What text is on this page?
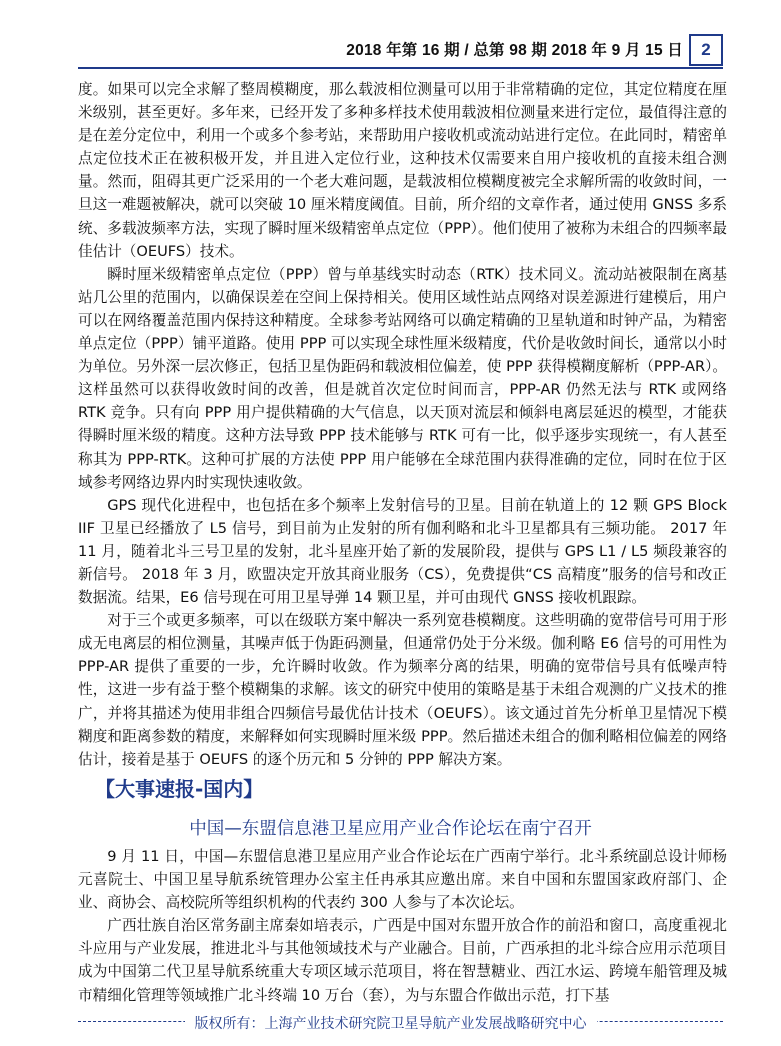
2018 年第 16 期 / 总第 98 期 2018 年 9 月 15 日	2

度。如果可以完全求解了整周模糊度，那么载波相位测量可以用于非常精确的定位，其定位精度在厘米级别，甚至更好。多年来，已经开发了多种多样技术使用载波相位测量来进行定位，最值得注意的是在差分定位中，利用一个或多个参考站，来帮助用户接收机或流动站进行定位。在此同时，精密单点定位技术正在被积极开发，并且进入定位行业，这种技术仅需要来自用户接收机的直接未组合测量。然而，阻碍其更广泛采用的一个老大难问题，是载波相位模糊度被完全求解所需的收敛时间，一旦这一难题被解决，就可以突破 10 厘米精度阈值。目前，所介绍的文章作者，通过使用 GNSS 多系统、多载波频率方法，实现了瞬时厘米级精密单点定位（PPP）。他们使用了被称为未组合的四频率最佳估计（OEUFS）技术。

瞬时厘米级精密单点定位（PPP）曾与单基线实时动态（RTK）技术同义。流动站被限制在离基站几公里的范围内，以确保误差在空间上保持相关。使用区域性站点网络对误差源进行建模后，用户可以在网络覆盖范围内保持这种精度。全球参考站网络可以确定精确的卫星轨道和时钟产品，为精密单点定位（PPP）铺平道路。使用 PPP 可以实现全球性厘米级精度，代价是收敛时间长，通常以小时为单位。另外深一层次修正，包括卫星伪距码和载波相位偏差，使 PPP 获得模糊度解析（PPP-AR）。这样虽然可以获得收敛时间的改善，但是就首次定位时间而言，PPP-AR 仍然无法与 RTK 或网络 RTK 竞争。只有向 PPP 用户提供精确的大气信息，以天顶对流层和倾斜电离层延迟的模型，才能获得瞬时厘米级的精度。这种方法导致 PPP 技术能够与 RTK 可有一比，似乎逐步实现统一，有人甚至称其为 PPP-RTK。这种可扩展的方法使 PPP 用户能够在全球范围内获得准确的定位，同时在位于区域参考网络边界内时实现快速收敛。

GPS 现代化进程中，也包括在多个频率上发射信号的卫星。目前在轨道上的 12 颗 GPS Block IIF 卫星已经播放了 L5 信号，到目前为止发射的所有伽利略和北斗卫星都具有三频功能。 2017 年 11 月，随着北斗三号卫星的发射，北斗星座开始了新的发展阶段，提供与 GPS L1 / L5 频段兼容的新信号。 2018 年 3 月，欧盟决定开放其商业服务（CS），免费提供“CS 高精度”服务的信号和改正数据流。结果，E6 信号现在可用卫星导弹 14 颗卫星，并可由现代 GNSS 接收机跟踪。

对于三个或更多频率，可以在级联方案中解决一系列宽巷模糊度。这些明确的宽带信号可用于形成无电离层的相位测量，其噪声低于伪距码测量，但通常仍处于分米级。伽利略 E6 信号的可用性为 PPP-AR 提供了重要的一步，允许瞬时收敛。作为频率分离的结果，明确的宽带信号具有低噪声特性，这进一步有益于整个模糊集的求解。该文的研究中使用的策略是基于未组合观测的广义技术的推广，并将其描述为使用非组合四频信号最优估计技术（OEUFS）。该文通过首先分析单卫星情况下模糊度和距离参数的精度，来解释如何实现瞬时厘米级 PPP。然后描述未组合的伽利略相位偏差的网络估计，接着是基于 OEUFS 的逐个历元和 5 分钟的 PPP 解决方案。

【大事速报-国内】
中国—东盟信息港卫星应用产业合作论坛在南宁召开

9 月 11 日，中国—东盟信息港卫星应用产业合作论坛在广西南宁举行。北斗系统副总设计师杨元喜院士、中国卫星导航系统管理办公室主任冉承其应邀出席。来自中国和东盟国家政府部门、企业、商协会、高校院所等组织机构的代表约 300 人参与了本次论坛。

广西壮族自治区常务副主席秦如培表示，广西是中国对东盟开放合作的前沿和窗口，高度重视北斗应用与产业发展，推进北斗与其他领域技术与产业融合。目前，广西承担的北斗综合应用示范项目成为中国第二代卫星导航系统重大专项区域示范项目，将在智慧糖业、西江水运、跨境车船管理及城市精细化管理等领域推广北斗终端 10 万台（套），为与东盟合作做出示范，打下基

版权所有：上海产业技术研究院卫星导航产业发展战略研究中心
